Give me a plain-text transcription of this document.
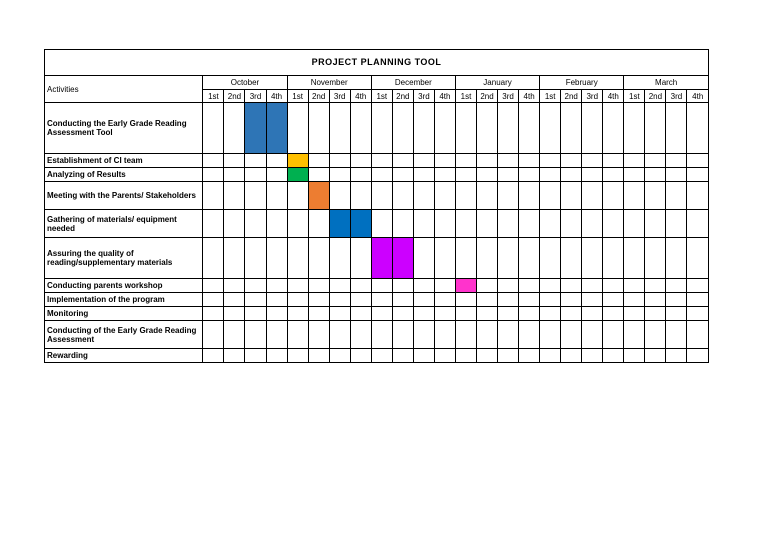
PROJECT PLANNING TOOL																								
Activities	October				November				December				January				February				March			
	1st	2nd	3rd	4th	1st	2nd	3rd	4th	1st	2nd	3rd	4th	1st	2nd	3rd	4th	1st	2nd	3rd	4th	1st	2nd	3rd	4th
Conducting the Early Grade Reading Assessment Tool																								
Establishment of CI team																								
Analyzing of Results																								
Meeting with the Parents/ Stakeholders																								
Gathering of materials/ equipment needed																								
Assuring the quality of reading/supplementary materials																								
Conducting parents workshop																								
Implementation of the program																								
Monitoring																								
Conducting of the Early Grade Reading Assessment																								
Rewarding																								
